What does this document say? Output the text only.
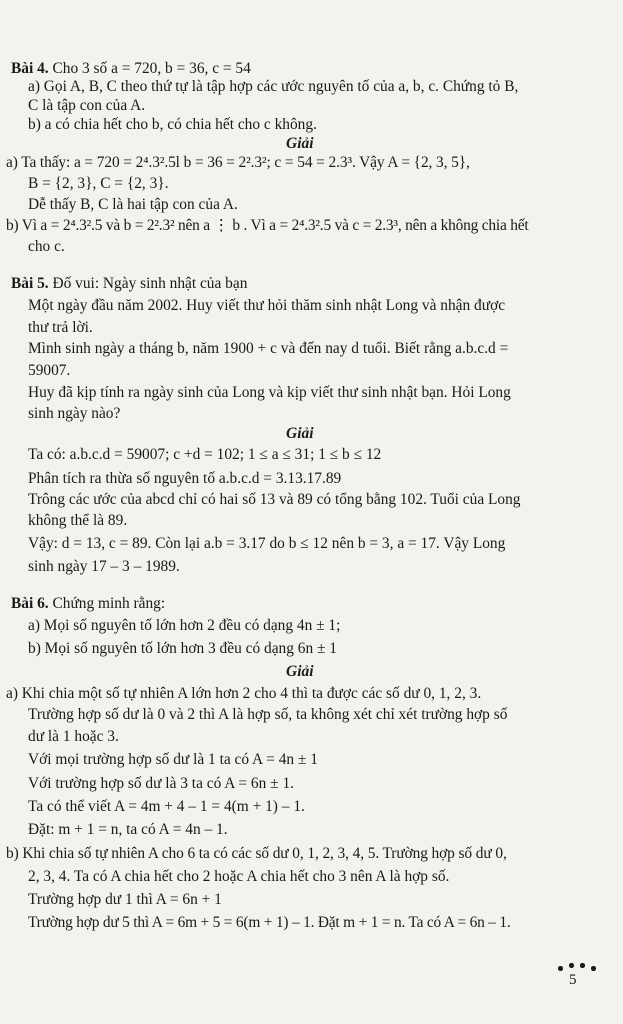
Bài 4. Cho 3 số a = 720, b = 36, c = 54
a) Gọi A, B, C theo thứ tự là tập hợp các ước nguyên tố của a, b, c. Chứng tỏ B,
C là tập con của A.
b) a có chia hết cho b, có chia hết cho c không.
Giải
a) Ta thấy: a = 720 = 2⁴.3².5l b = 36 = 2².3²; c = 54 = 2.3³. Vậy A = {2, 3, 5},
B = {2, 3}, C = {2, 3}.
Dễ thấy B, C là hai tập con của A.
b) Vì a = 2⁴.3².5 và b = 2².3² nên a ⋮ b . Vì a = 2⁴.3².5 và c = 2.3³, nên a không chia hết
cho c.
Bài 5. Đố vui: Ngày sinh nhật của bạn
Một ngày đầu năm 2002. Huy viết thư hỏi thăm sinh nhật Long và nhận được
thư trả lời.
Mình sinh ngày a tháng b, năm 1900 + c và đến nay d tuổi. Biết rằng a.b.c.d =
59007.
Huy đã kịp tính ra ngày sinh của Long và kịp viết thư sinh nhật bạn. Hỏi Long
sinh ngày nào?
Giải
Ta có: a.b.c.d = 59007; c +d = 102; 1 ≤ a ≤ 31; 1 ≤ b ≤ 12
Phân tích ra thừa số nguyên tố a.b.c.d = 3.13.17.89
Trông các ước của abcd chỉ có hai số 13 và 89 có tổng bằng 102. Tuổi của Long
không thể là 89.
Vậy: d = 13, c = 89. Còn lại a.b = 3.17 do b ≤ 12 nên b = 3, a = 17. Vậy Long
sinh ngày 17 – 3 – 1989.
Bài 6. Chứng minh rằng:
a) Mọi số nguyên tố lớn hơn 2 đều có dạng 4n ± 1;
b) Mọi số nguyên tố lớn hơn 3 đều có dạng 6n ± 1
Giải
a) Khi chia một số tự nhiên A lớn hơn 2 cho 4 thì ta được các số dư 0, 1, 2, 3.
Trường hợp số dư là 0 và 2 thì A là hợp số, ta không xét chỉ xét trường hợp số
dư là 1 hoặc 3.
Với mọi trường hợp số dư là 1 ta có A = 4n ± 1
Với trường hợp số dư là 3 ta có A = 6n ± 1.
Ta có thể viết A = 4m + 4 – 1 = 4(m + 1) – 1.
Đặt: m + 1 = n, ta có A = 4n – 1.
b) Khi chia số tự nhiên A cho 6 ta có các số dư 0, 1, 2, 3, 4, 5. Trường hợp số dư 0,
2, 3, 4. Ta có A chia hết cho 2 hoặc A chia hết cho 3 nên A là hợp số.
Trường hợp dư 1 thì A = 6n + 1
Trường hợp dư 5 thì A = 6m + 5 = 6(m + 1) – 1. Đặt m + 1 = n. Ta có A = 6n – 1.
5
